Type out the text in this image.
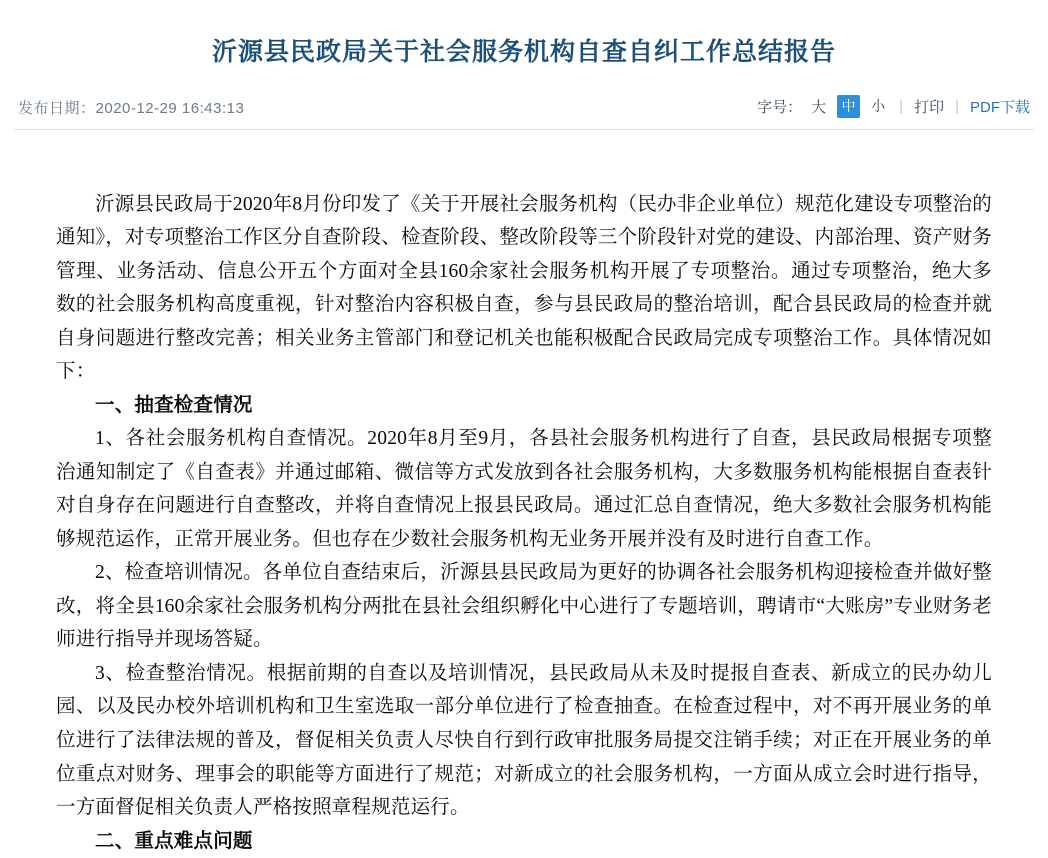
沂源县民政局关于社会服务机构自查自纠工作总结报告
发布日期：2020-12-29 16:43:13	字号： 大	中	小 | 打印 | PDF下载

沂源县民政局于2020年8月份印发了《关于开展社会服务机构（民办非企业单位）规范化建设专项整治的通知》，对专项整治工作区分自查阶段、检查阶段、整改阶段等三个阶段针对党的建设、内部治理、资产财务管理、业务活动、信息公开五个方面对全县160余家社会服务机构开展了专项整治。通过专项整治，绝大多数的社会服务机构高度重视，针对整治内容积极自查，参与县民政局的整治培训，配合县民政局的检查并就自身问题进行整改完善；相关业务主管部门和登记机关也能积极配合民政局完成专项整治工作。具体情况如下：

一、抽查检查情况

1、各社会服务机构自查情况。2020年8月至9月，各县社会服务机构进行了自查，县民政局根据专项整治通知制定了《自查表》并通过邮箱、微信等方式发放到各社会服务机构，大多数服务机构能根据自查表针对自身存在问题进行自查整改，并将自查情况上报县民政局。通过汇总自查情况，绝大多数社会服务机构能够规范运作，正常开展业务。但也存在少数社会服务机构无业务开展并没有及时进行自查工作。

2、检查培训情况。各单位自查结束后，沂源县县民政局为更好的协调各社会服务机构迎接检查并做好整改，将全县160余家社会服务机构分两批在县社会组织孵化中心进行了专题培训，聘请市“大账房”专业财务老师进行指导并现场答疑。

3、检查整治情况。根据前期的自查以及培训情况，县民政局从未及时提报自查表、新成立的民办幼儿园、以及民办校外培训机构和卫生室选取一部分单位进行了检查抽查。在检查过程中，对不再开展业务的单位进行了法律法规的普及，督促相关负责人尽快自行到行政审批服务局提交注销手续；对正在开展业务的单位重点对财务、理事会的职能等方面进行了规范；对新成立的社会服务机构，一方面从成立会时进行指导，一方面督促相关负责人严格按照章程规范运行。

二、重点难点问题
